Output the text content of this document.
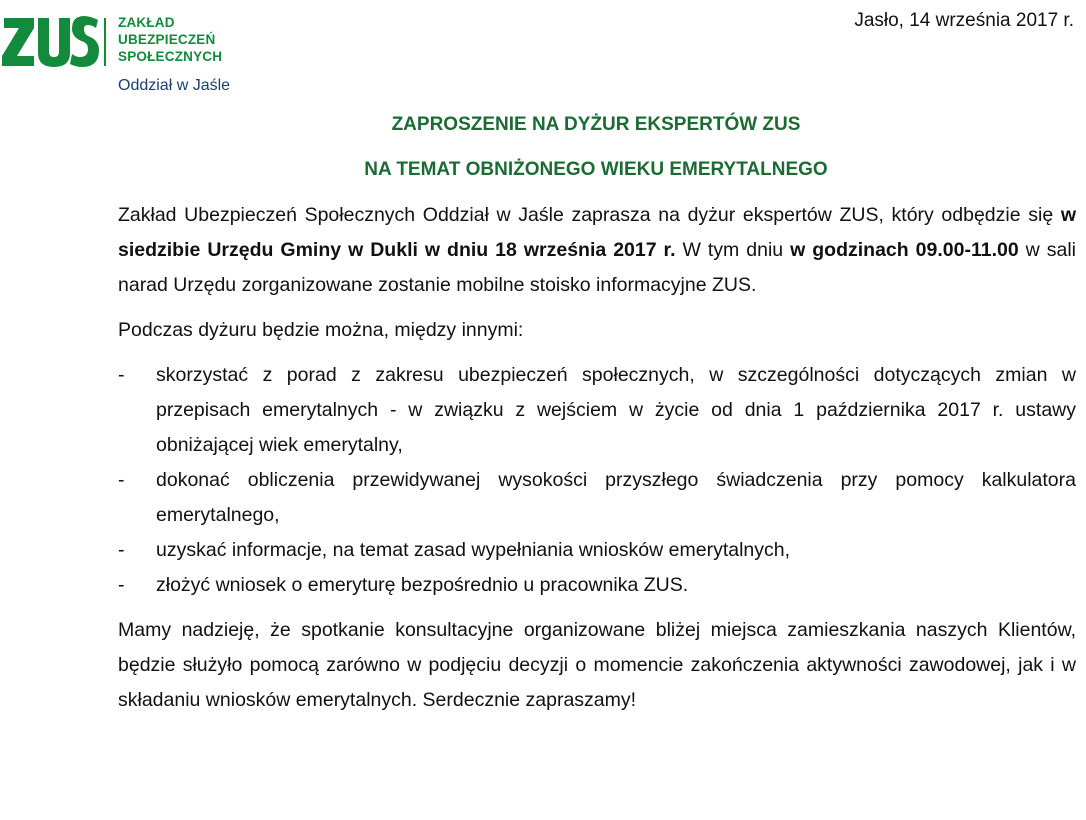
ZAKŁAD
UBEZPIECZEŃ
SPOŁECZNYCH
Jasło, 14 września 2017 r.
Oddział w Jaśle
ZAPROSZENIE NA DYŻUR EKSPERTÓW ZUS
NA TEMAT OBNIŻONEGO WIEKU EMERYTALNEGO

Zakład Ubezpieczeń Społecznych Oddział w Jaśle zaprasza na dyżur ekspertów ZUS, który odbędzie się w siedzibie Urzędu Gminy w Dukli w dniu 18 września 2017 r. W tym dniu w godzinach 09.00-11.00 w sali narad Urzędu zorganizowane zostanie mobilne stoisko informacyjne ZUS.

Podczas dyżuru będzie można, między innymi:

- skorzystać z porad z zakresu ubezpieczeń społecznych, w szczególności dotyczących zmian w przepisach emerytalnych - w związku z wejściem w życie od dnia 1 października 2017 r. ustawy obniżającej wiek emerytalny,
- dokonać obliczenia przewidywanej wysokości przyszłego świadczenia przy pomocy kalkulatora emerytalnego,
- uzyskać informacje, na temat zasad wypełniania wniosków emerytalnych,
- złożyć wniosek o emeryturę bezpośrednio u pracownika ZUS.

Mamy nadzieję, że spotkanie konsultacyjne organizowane bliżej miejsca zamieszkania naszych Klientów, będzie służyło pomocą zarówno w podjęciu decyzji o momencie zakończenia aktywności zawodowej, jak i w składaniu wniosków emerytalnych. Serdecznie zapraszamy!
